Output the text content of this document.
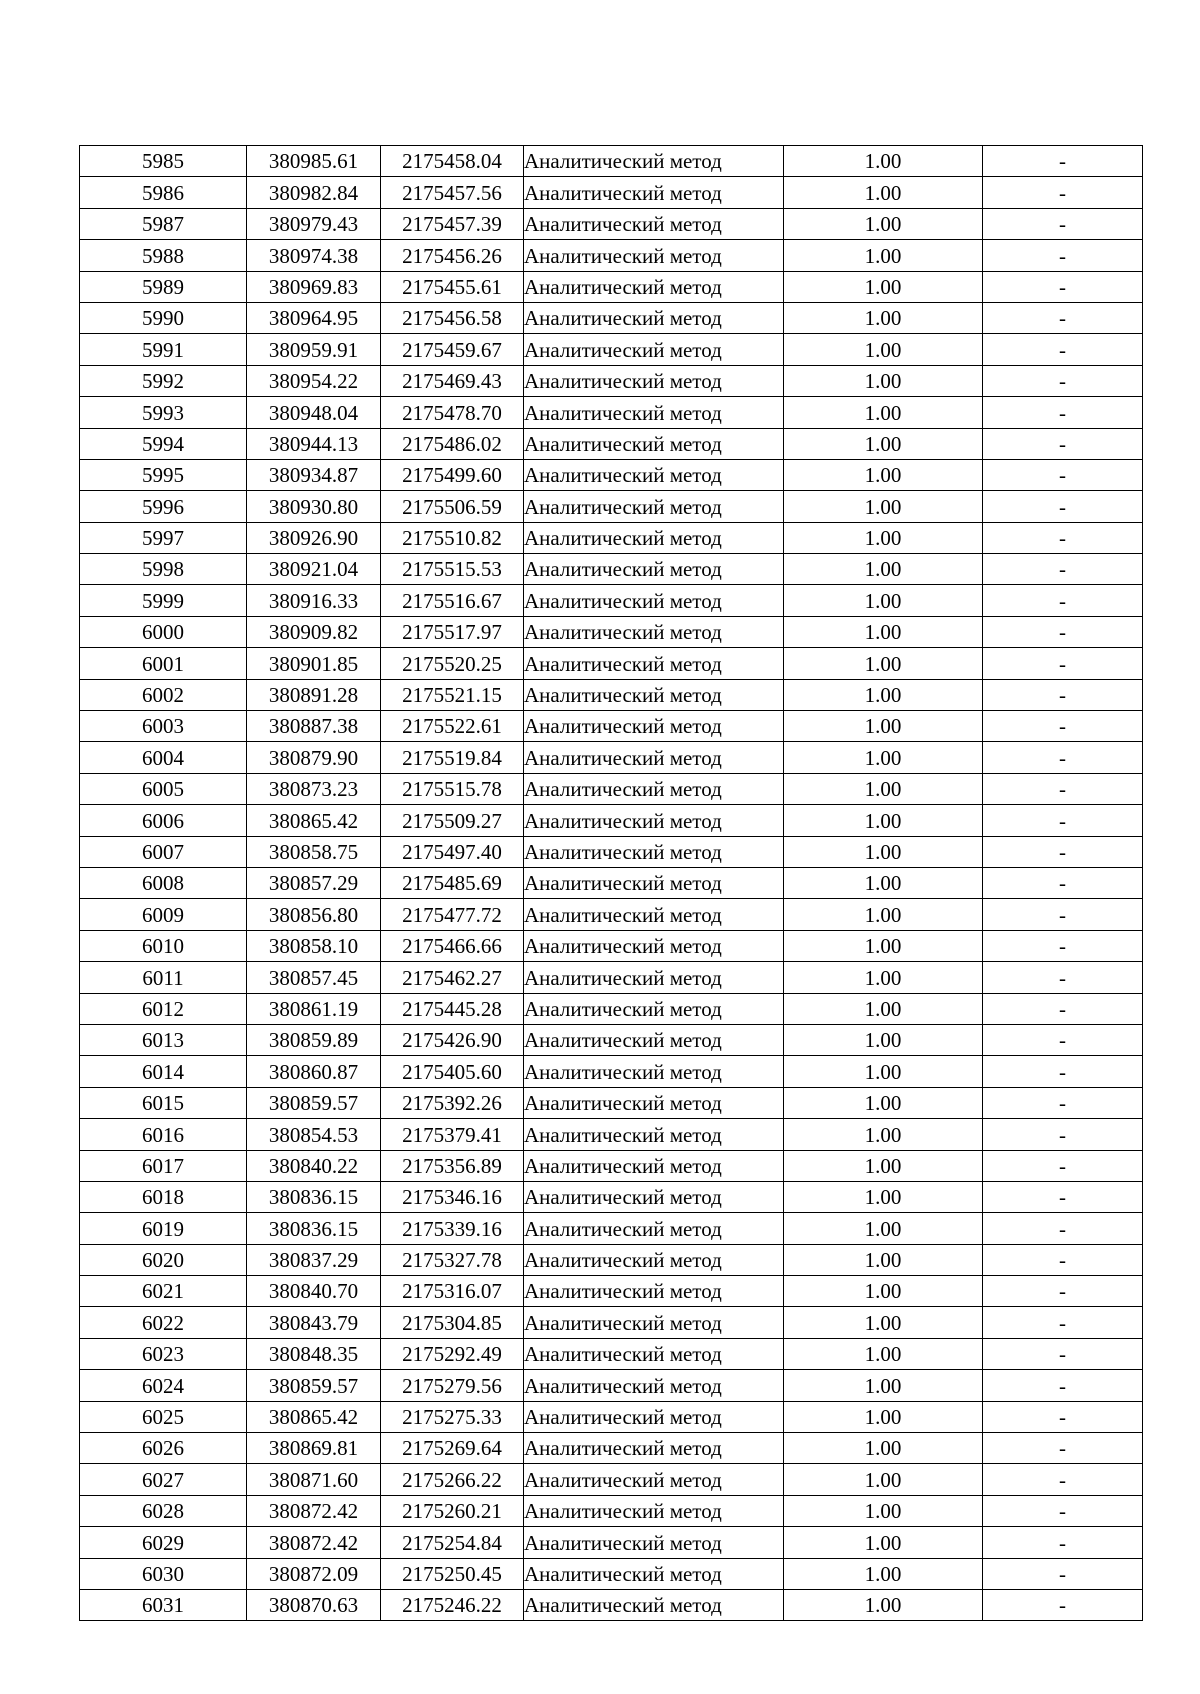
5985	380985.61	2175458.04	Аналитический метод	1.00	-
5986	380982.84	2175457.56	Аналитический метод	1.00	-
5987	380979.43	2175457.39	Аналитический метод	1.00	-
5988	380974.38	2175456.26	Аналитический метод	1.00	-
5989	380969.83	2175455.61	Аналитический метод	1.00	-
5990	380964.95	2175456.58	Аналитический метод	1.00	-
5991	380959.91	2175459.67	Аналитический метод	1.00	-
5992	380954.22	2175469.43	Аналитический метод	1.00	-
5993	380948.04	2175478.70	Аналитический метод	1.00	-
5994	380944.13	2175486.02	Аналитический метод	1.00	-
5995	380934.87	2175499.60	Аналитический метод	1.00	-
5996	380930.80	2175506.59	Аналитический метод	1.00	-
5997	380926.90	2175510.82	Аналитический метод	1.00	-
5998	380921.04	2175515.53	Аналитический метод	1.00	-
5999	380916.33	2175516.67	Аналитический метод	1.00	-
6000	380909.82	2175517.97	Аналитический метод	1.00	-
6001	380901.85	2175520.25	Аналитический метод	1.00	-
6002	380891.28	2175521.15	Аналитический метод	1.00	-
6003	380887.38	2175522.61	Аналитический метод	1.00	-
6004	380879.90	2175519.84	Аналитический метод	1.00	-
6005	380873.23	2175515.78	Аналитический метод	1.00	-
6006	380865.42	2175509.27	Аналитический метод	1.00	-
6007	380858.75	2175497.40	Аналитический метод	1.00	-
6008	380857.29	2175485.69	Аналитический метод	1.00	-
6009	380856.80	2175477.72	Аналитический метод	1.00	-
6010	380858.10	2175466.66	Аналитический метод	1.00	-
6011	380857.45	2175462.27	Аналитический метод	1.00	-
6012	380861.19	2175445.28	Аналитический метод	1.00	-
6013	380859.89	2175426.90	Аналитический метод	1.00	-
6014	380860.87	2175405.60	Аналитический метод	1.00	-
6015	380859.57	2175392.26	Аналитический метод	1.00	-
6016	380854.53	2175379.41	Аналитический метод	1.00	-
6017	380840.22	2175356.89	Аналитический метод	1.00	-
6018	380836.15	2175346.16	Аналитический метод	1.00	-
6019	380836.15	2175339.16	Аналитический метод	1.00	-
6020	380837.29	2175327.78	Аналитический метод	1.00	-
6021	380840.70	2175316.07	Аналитический метод	1.00	-
6022	380843.79	2175304.85	Аналитический метод	1.00	-
6023	380848.35	2175292.49	Аналитический метод	1.00	-
6024	380859.57	2175279.56	Аналитический метод	1.00	-
6025	380865.42	2175275.33	Аналитический метод	1.00	-
6026	380869.81	2175269.64	Аналитический метод	1.00	-
6027	380871.60	2175266.22	Аналитический метод	1.00	-
6028	380872.42	2175260.21	Аналитический метод	1.00	-
6029	380872.42	2175254.84	Аналитический метод	1.00	-
6030	380872.09	2175250.45	Аналитический метод	1.00	-
6031	380870.63	2175246.22	Аналитический метод	1.00	-
